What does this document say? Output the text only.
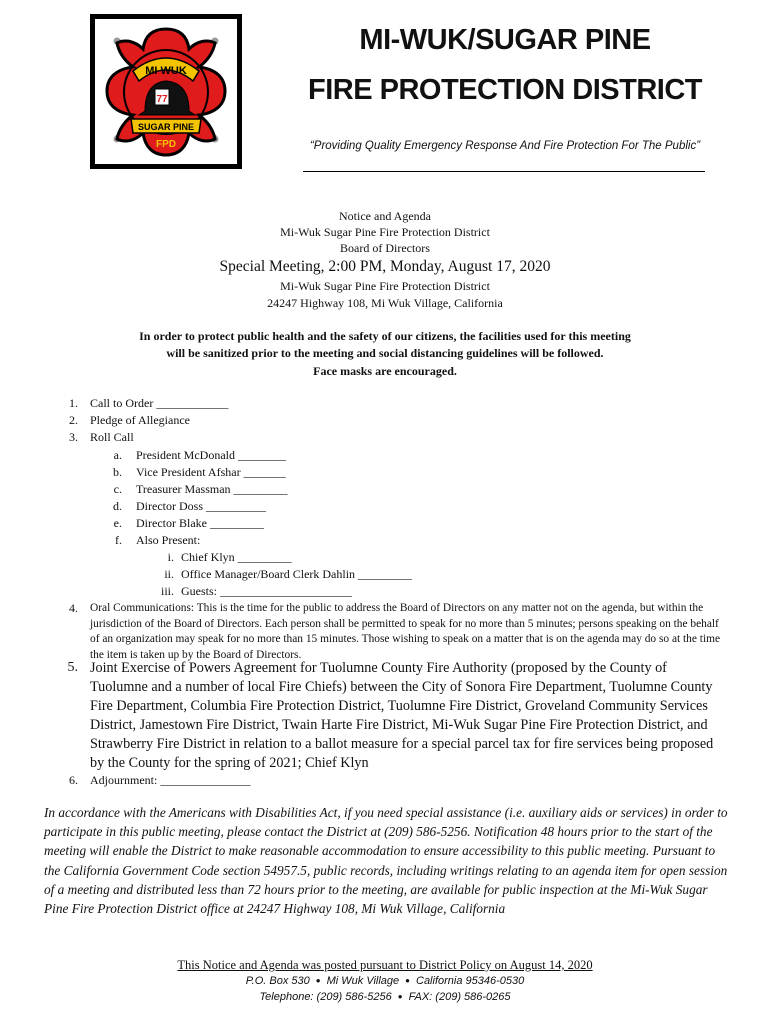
MI WUK
77
SUGAR PINE
FPD
MI-WUK/SUGAR PINE
FIRE PROTECTION DISTRICT
“Providing Quality Emergency Response And Fire Protection For The Public”
Notice and Agenda
Mi-Wuk Sugar Pine Fire Protection District
Board of Directors
Special Meeting, 2:00 PM, Monday, August 17, 2020
Mi-Wuk Sugar Pine Fire Protection District
24247 Highway 108, Mi Wuk Village, California
In order to protect public health and the safety of our citizens, the facilities used for this meeting
will be sanitized prior to the meeting and social distancing guidelines will be followed.
Face masks are encouraged.
1. Call to Order ____________
2. Pledge of Allegiance
3. Roll Call
a. President McDonald ________
b. Vice President Afshar _______
c. Treasurer Massman _________
d. Director Doss __________
e. Director Blake _________
f. Also Present:
i. Chief Klyn _________
ii. Office Manager/Board Clerk Dahlin _________
iii. Guests: ______________________
4. Oral Communications: This is the time for the public to address the Board of Directors on any matter not on the agenda, but within the jurisdiction of the Board of Directors. Each person shall be permitted to speak for no more than 5 minutes; persons speaking on the behalf of an organization may speak for no more than 15 minutes. Those wishing to speak on a matter that is on the agenda may do so at the time the item is taken up by the Board of Directors.
5. Joint Exercise of Powers Agreement for Tuolumne County Fire Authority (proposed by the County of Tuolumne and a number of local Fire Chiefs) between the City of Sonora Fire Department, Tuolumne County Fire Department, Columbia Fire Protection District, Tuolumne Fire District, Groveland Community Services District, Jamestown Fire District, Twain Harte Fire District, Mi-Wuk Sugar Pine Fire Protection District, and Strawberry Fire District in relation to a ballot measure for a special parcel tax for fire services being proposed by the County for the spring of 2021; Chief Klyn
6. Adjournment: _______________
In accordance with the Americans with Disabilities Act, if you need special assistance (i.e. auxiliary aids or services) in order to participate in this public meeting, please contact the District at (209) 586-5256. Notification 48 hours prior to the start of the meeting will enable the District to make reasonable accommodation to ensure accessibility to this public meeting. Pursuant to the California Government Code section 54957.5, public records, including writings relating to an agenda item for open session of a meeting and distributed less than 72 hours prior to the meeting, are available for public inspection at the Mi-Wuk Sugar Pine Fire Protection District office at 24247 Highway 108, Mi Wuk Village, California
This Notice and Agenda was posted pursuant to District Policy on August 14, 2020
P.O. Box 530 ● Mi Wuk Village ● California 95346-0530
Telephone: (209) 586-5256 ● FAX: (209) 586-0265
